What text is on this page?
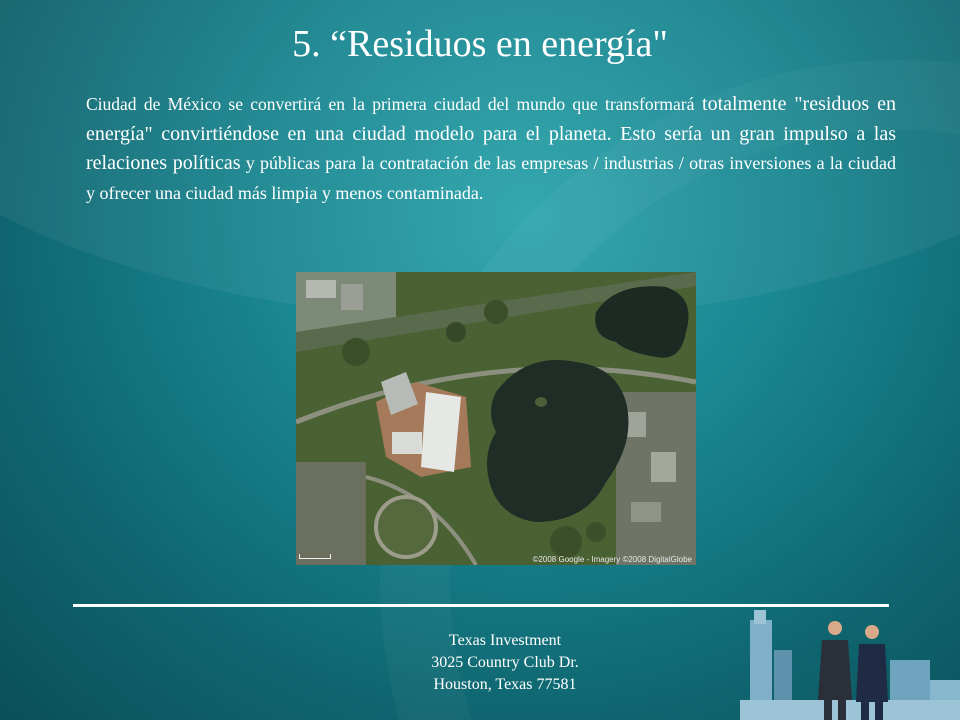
5. “Residuos en energía"
Ciudad de México se convertirá en la primera ciudad del mundo que transformará totalmente "residuos en energía" convirtiéndose en una ciudad modelo para el planeta. Esto sería un gran impulso a las relaciones políticas y públicas para la contratación de las empresas / industrias / otras inversiones a la ciudad y ofrecer una ciudad más limpia y menos contaminada.
©2008 Google - Imagery ©2008 DigitalGlobe
Texas Investment
3025 Country Club Dr.
Houston, Texas 77581
